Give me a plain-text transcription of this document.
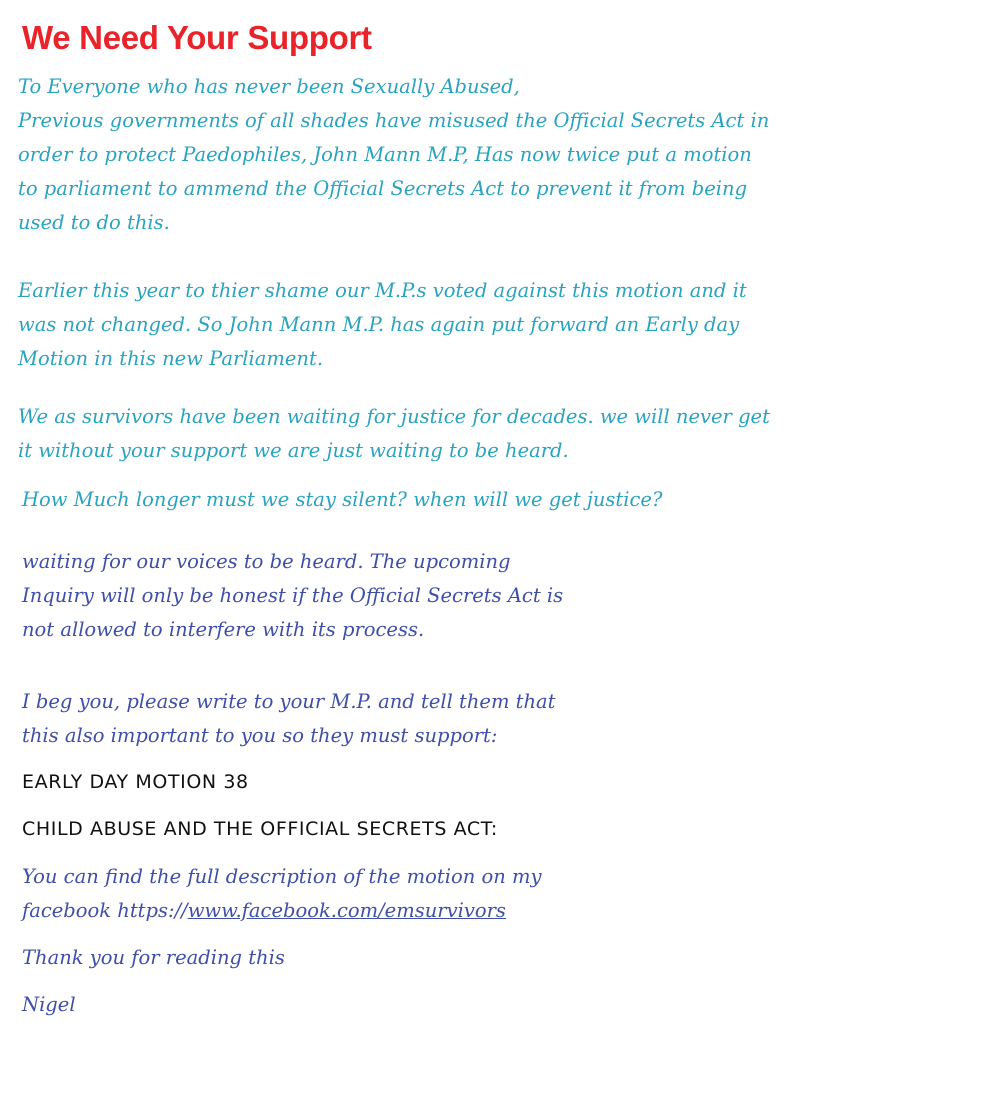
We Need Your Support

To Everyone who has never been Sexually Abused,
Previous governments of all shades have misused the Official Secrets Act in
order to protect Paedophiles, John Mann M.P, Has now twice put a motion
to parliament to ammend the Official Secrets Act to prevent it from being
used to do this.

Earlier this year to thier shame our M.P.s voted against this motion and it
was not changed. So John Mann M.P. has again put forward an Early day
Motion in this new Parliament.

We as survivors have been waiting for justice for decades. we will never get
it without your support we are just waiting to be heard.

How Much longer must we stay silent? when will we get justice?

waiting for our voices to be heard. The upcoming
Inquiry will only be honest if the Official Secrets Act is
not allowed to interfere with its process.

I beg you, please write to your M.P. and tell them that
this also important to you so they must support:

EARLY DAY MOTION 38

CHILD ABUSE AND THE OFFICIAL SECRETS ACT:

You can find the full description of the motion on my
facebook https://www.facebook.com/emsurvivors

Thank you for reading this

Nigel
